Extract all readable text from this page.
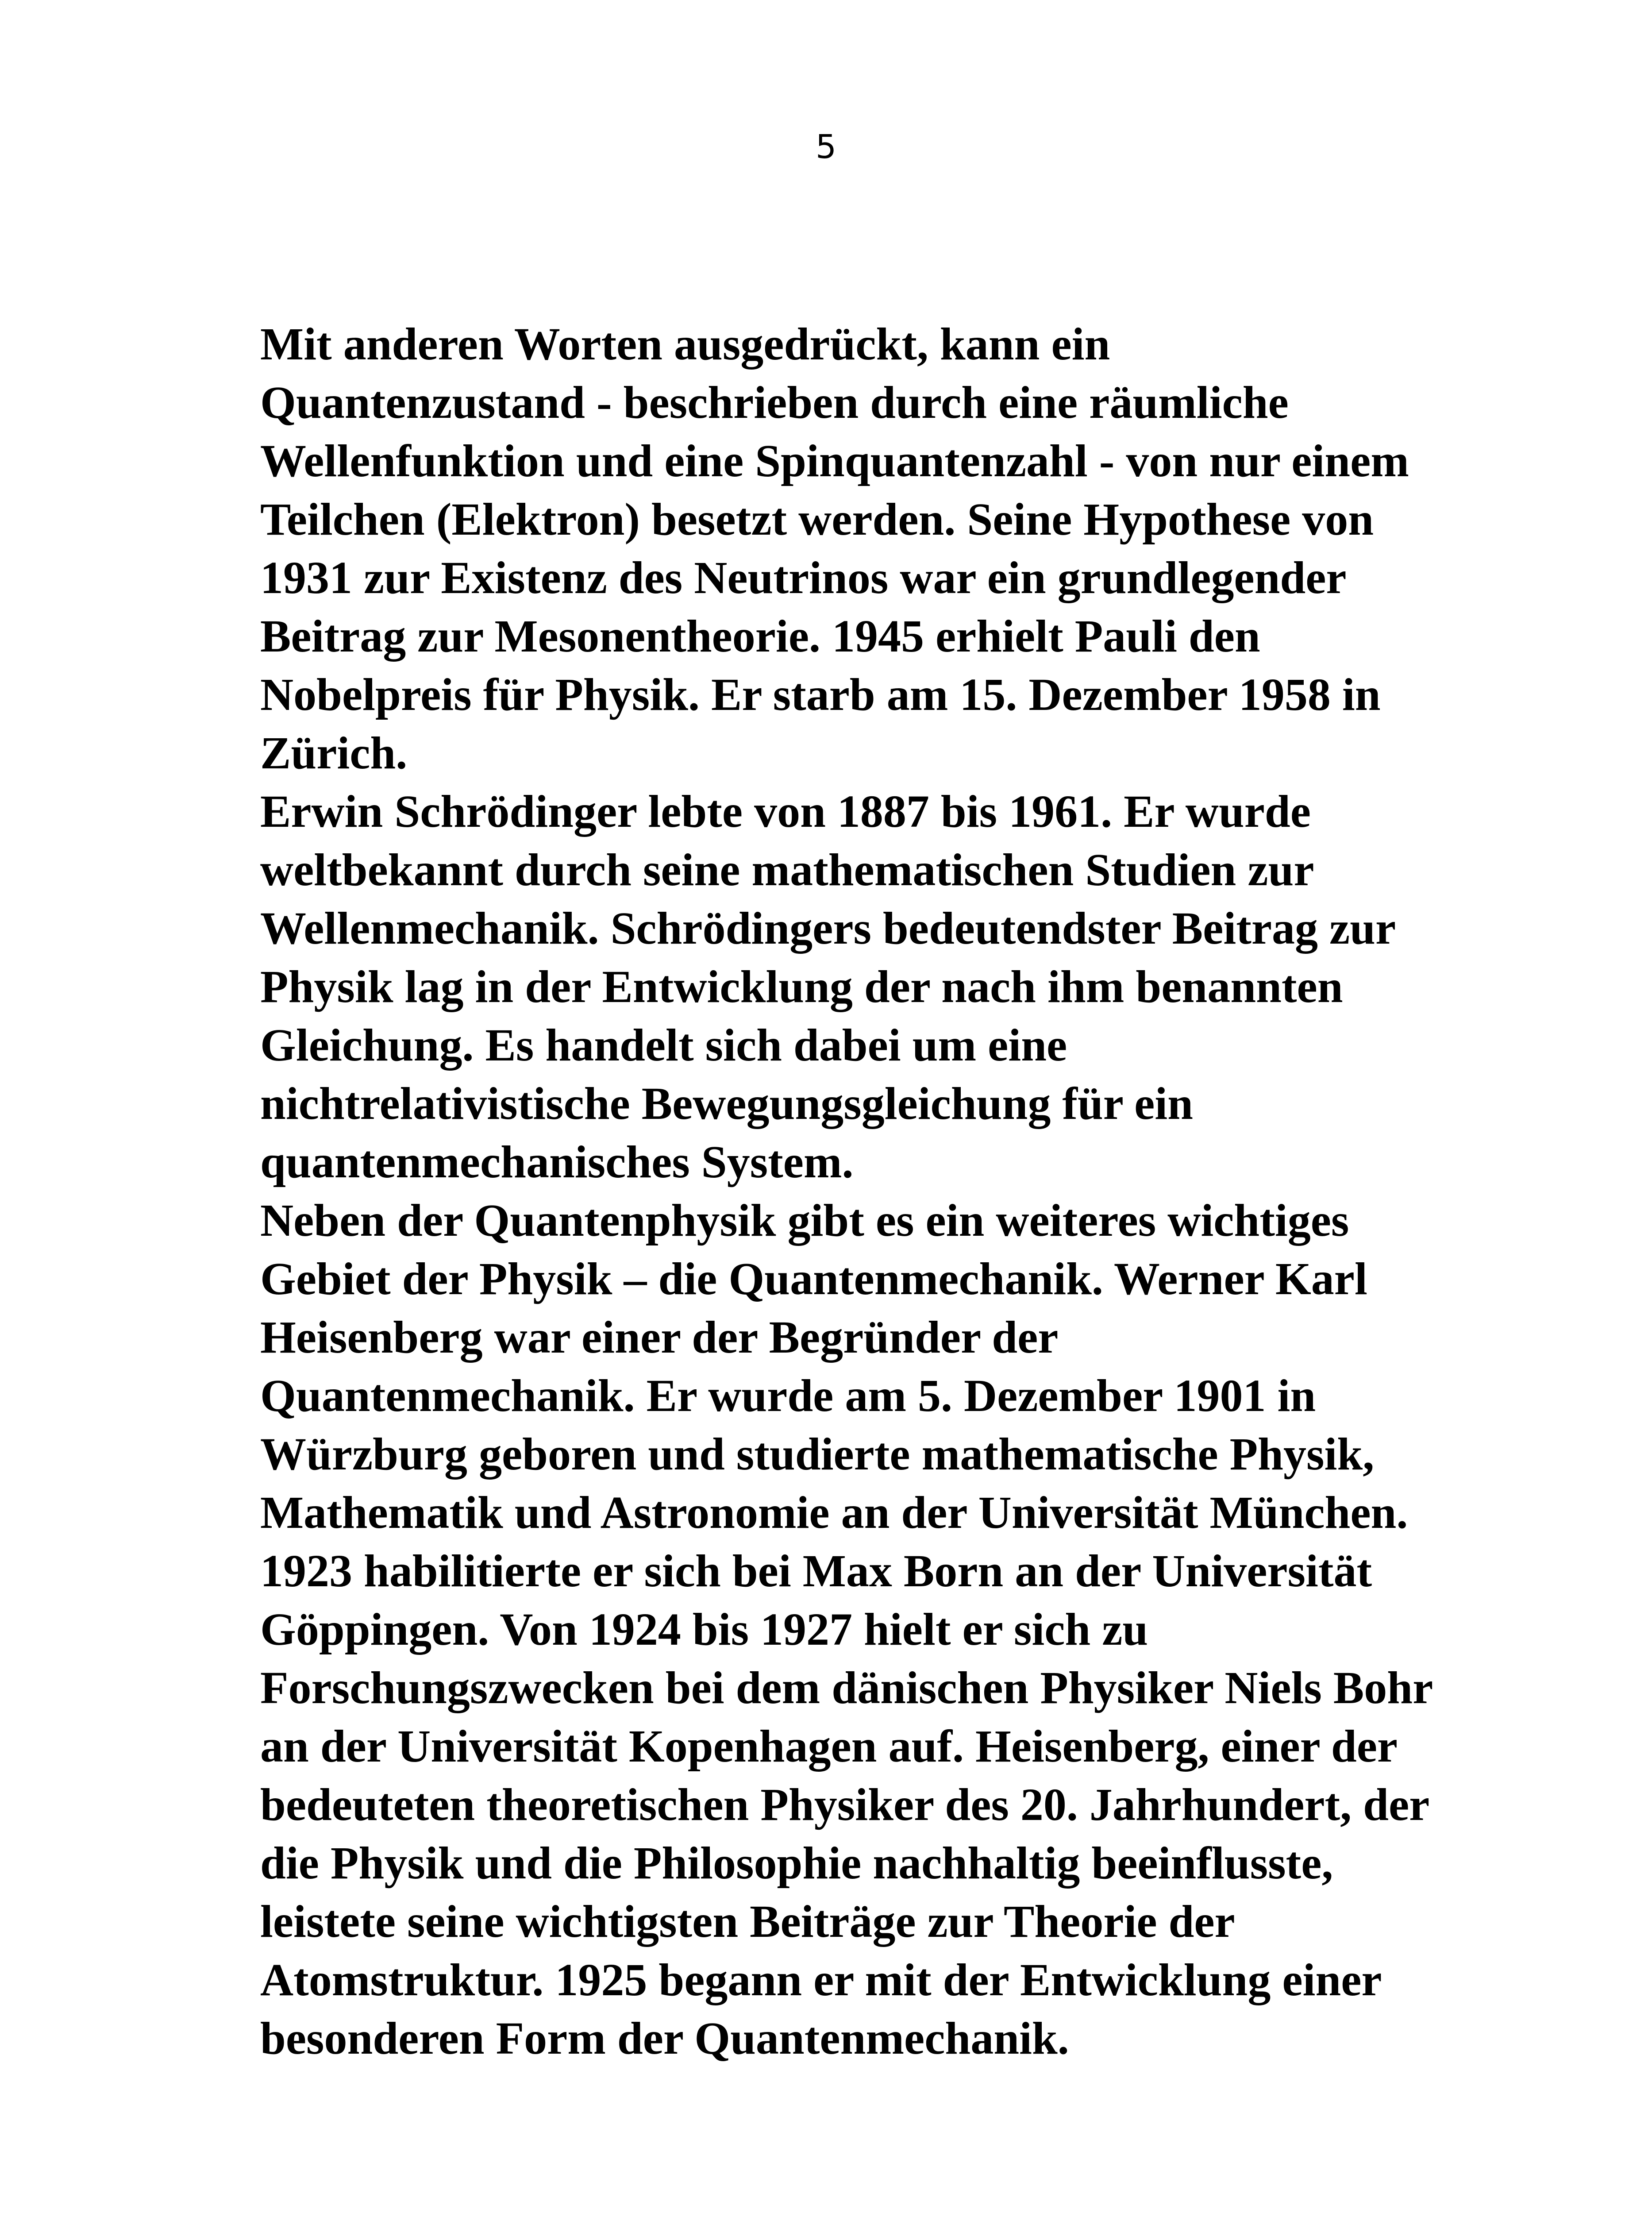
5
Mit anderen Worten ausgedrückt, kann ein
Quantenzustand - beschrieben durch eine räumliche
Wellenfunktion und eine Spinquantenzahl - von nur einem
Teilchen (Elektron) besetzt werden. Seine Hypothese von
1931 zur Existenz des Neutrinos war ein grundlegender
Beitrag zur Mesonentheorie. 1945 erhielt Pauli den
Nobelpreis für Physik. Er starb am 15. Dezember 1958 in
Zürich.
Erwin Schrödinger lebte von 1887 bis 1961. Er wurde
weltbekannt durch seine mathematischen Studien zur
Wellenmechanik. Schrödingers bedeutendster Beitrag zur
Physik lag in der Entwicklung der nach ihm benannten
Gleichung. Es handelt sich dabei um eine
nichtrelativistische Bewegungsgleichung für ein
quantenmechanisches System.
Neben der Quantenphysik gibt es ein weiteres wichtiges
Gebiet der Physik – die Quantenmechanik. Werner Karl
Heisenberg war einer der Begründer der
Quantenmechanik. Er wurde am 5. Dezember 1901 in
Würzburg geboren und studierte mathematische Physik,
Mathematik und Astronomie an der Universität München.
1923 habilitierte er sich bei Max Born an der Universität
Göppingen. Von 1924 bis 1927 hielt er sich zu
Forschungszwecken bei dem dänischen Physiker Niels Bohr
an der Universität Kopenhagen auf. Heisenberg, einer der
bedeuteten theoretischen Physiker des 20. Jahrhundert, der
die Physik und die Philosophie nachhaltig beeinflusste,
leistete seine wichtigsten Beiträge zur Theorie der
Atomstruktur. 1925 begann er mit der Entwicklung einer
besonderen Form der Quantenmechanik.
